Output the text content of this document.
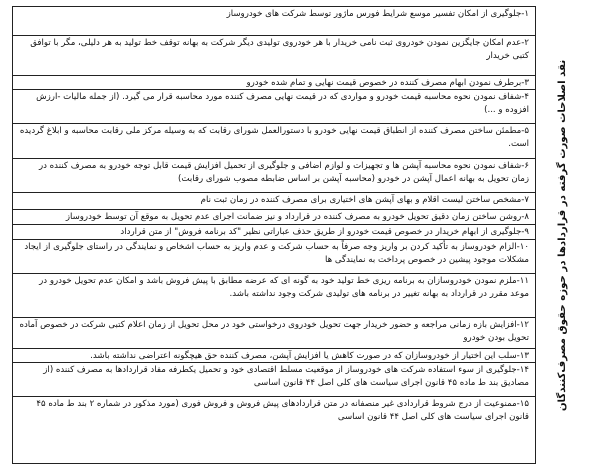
نقد اصلاحات صورت گرفته در قراردادها در حوزه حقوق مصرف‌کنندگان
۱-جلوگیری از امکان تفسیر موسع شرایط فورس ماژور توسط شرکت های خودروساز
۲-عدم امکان جایگزین نمودن خودروی ثبت نامی خریدار با هر خودروی تولیدی دیگر شرکت به بهانه توقف خط تولید به هر دلیلی، مگر با توافق کتبی خریدار
۳-برطرف نمودن ابهام مصرف کننده در خصوص قیمت نهایی و تمام شده خودرو
۴-شفاف نمودن نحوه محاسبه قیمت خودرو و مواردی که در قیمت نهایی مصرف کننده مورد محاسبه قرار می گیرد. (از جمله مالیات -ارزش افزوده و ...)
۵-مطمئن ساختن مصرف کننده از انطباق قیمت نهایی خودرو با دستورالعمل شورای رقابت که به وسیله مرکز ملی رقابت محاسبه و ابلاغ گردیده است.
۶-شفاف نمودن نحوه محاسبه آپشن ها و تجهیزات و لوازم اضافی و جلوگیری از تحمیل افزایش قیمت قابل توجه خودرو به مصرف کننده در زمان تحویل به بهانه اعمال آپشن در خودرو (محاسبه آپشن بر اساس ضابطه مصوب شورای رقابت)
۷-مشخص ساختن لیست اقلام و بهای آپشن های اختیاری برای مصرف کننده در زمان ثبت نام
۸-روشن ساختن زمان دقیق تحویل خودرو به مصرف کننده در قرارداد و نیز ضمانت اجرای عدم تحویل به موقع آن توسط خودروساز
۹-جلوگیری از ابهام خریدار در خصوص قیمت خودرو از طریق حذف عباراتی نظیر "کد برنامه فروش" از متن قرارداد
۱۰-الزام خودروساز به تأکید کردن بر واریز وجه صرفاً به حساب شرکت و عدم واریز به حساب اشخاص و نمایندگی در راستای جلوگیری از ایجاد مشکلات موجود پیشین در خصوص پرداخت به نمایندگی ها
۱۱-ملزم نمودن خودروسازان به برنامه ریزی خط تولید خود به گونه ای که عرضه مطابق با پیش فروش باشد و امکان عدم تحویل خودرو در موعد مقرر در قرارداد به بهانه تغییر در برنامه های تولیدی شرکت وجود نداشته باشد.
۱۲-افزایش بازه زمانی مراجعه و حضور خریدار جهت تحویل خودروی درخواستی خود در محل تحویل از زمان اعلام کتبی شرکت در خصوص آماده تحویل بودن خودرو
۱۳-سلب این اختیار از خودروسازان که در صورت کاهش یا افزایش آپشن، مصرف کننده حق هیچگونه اعتراضی نداشته باشد.
۱۴-جلوگیری از سوء استفاده شرکت های خودروساز از موقعیت مسلط اقتصادی خود و تحمیل یکطرفه مفاد قراردادها به مصرف کننده (از مصادیق بند ط ماده ۴۵ قانون اجرای سیاست های کلی اصل ۴۴ قانون اساسی
۱۵-ممنوعیت از درج شروط قراردادی غیر منصفانه در متن قراردادهای پیش فروش و فروش فوری (مورد مذکور در شماره ۲ بند ط ماده ۴۵ قانون اجرای سیاست های کلی اصل ۴۴ قانون اساسی
